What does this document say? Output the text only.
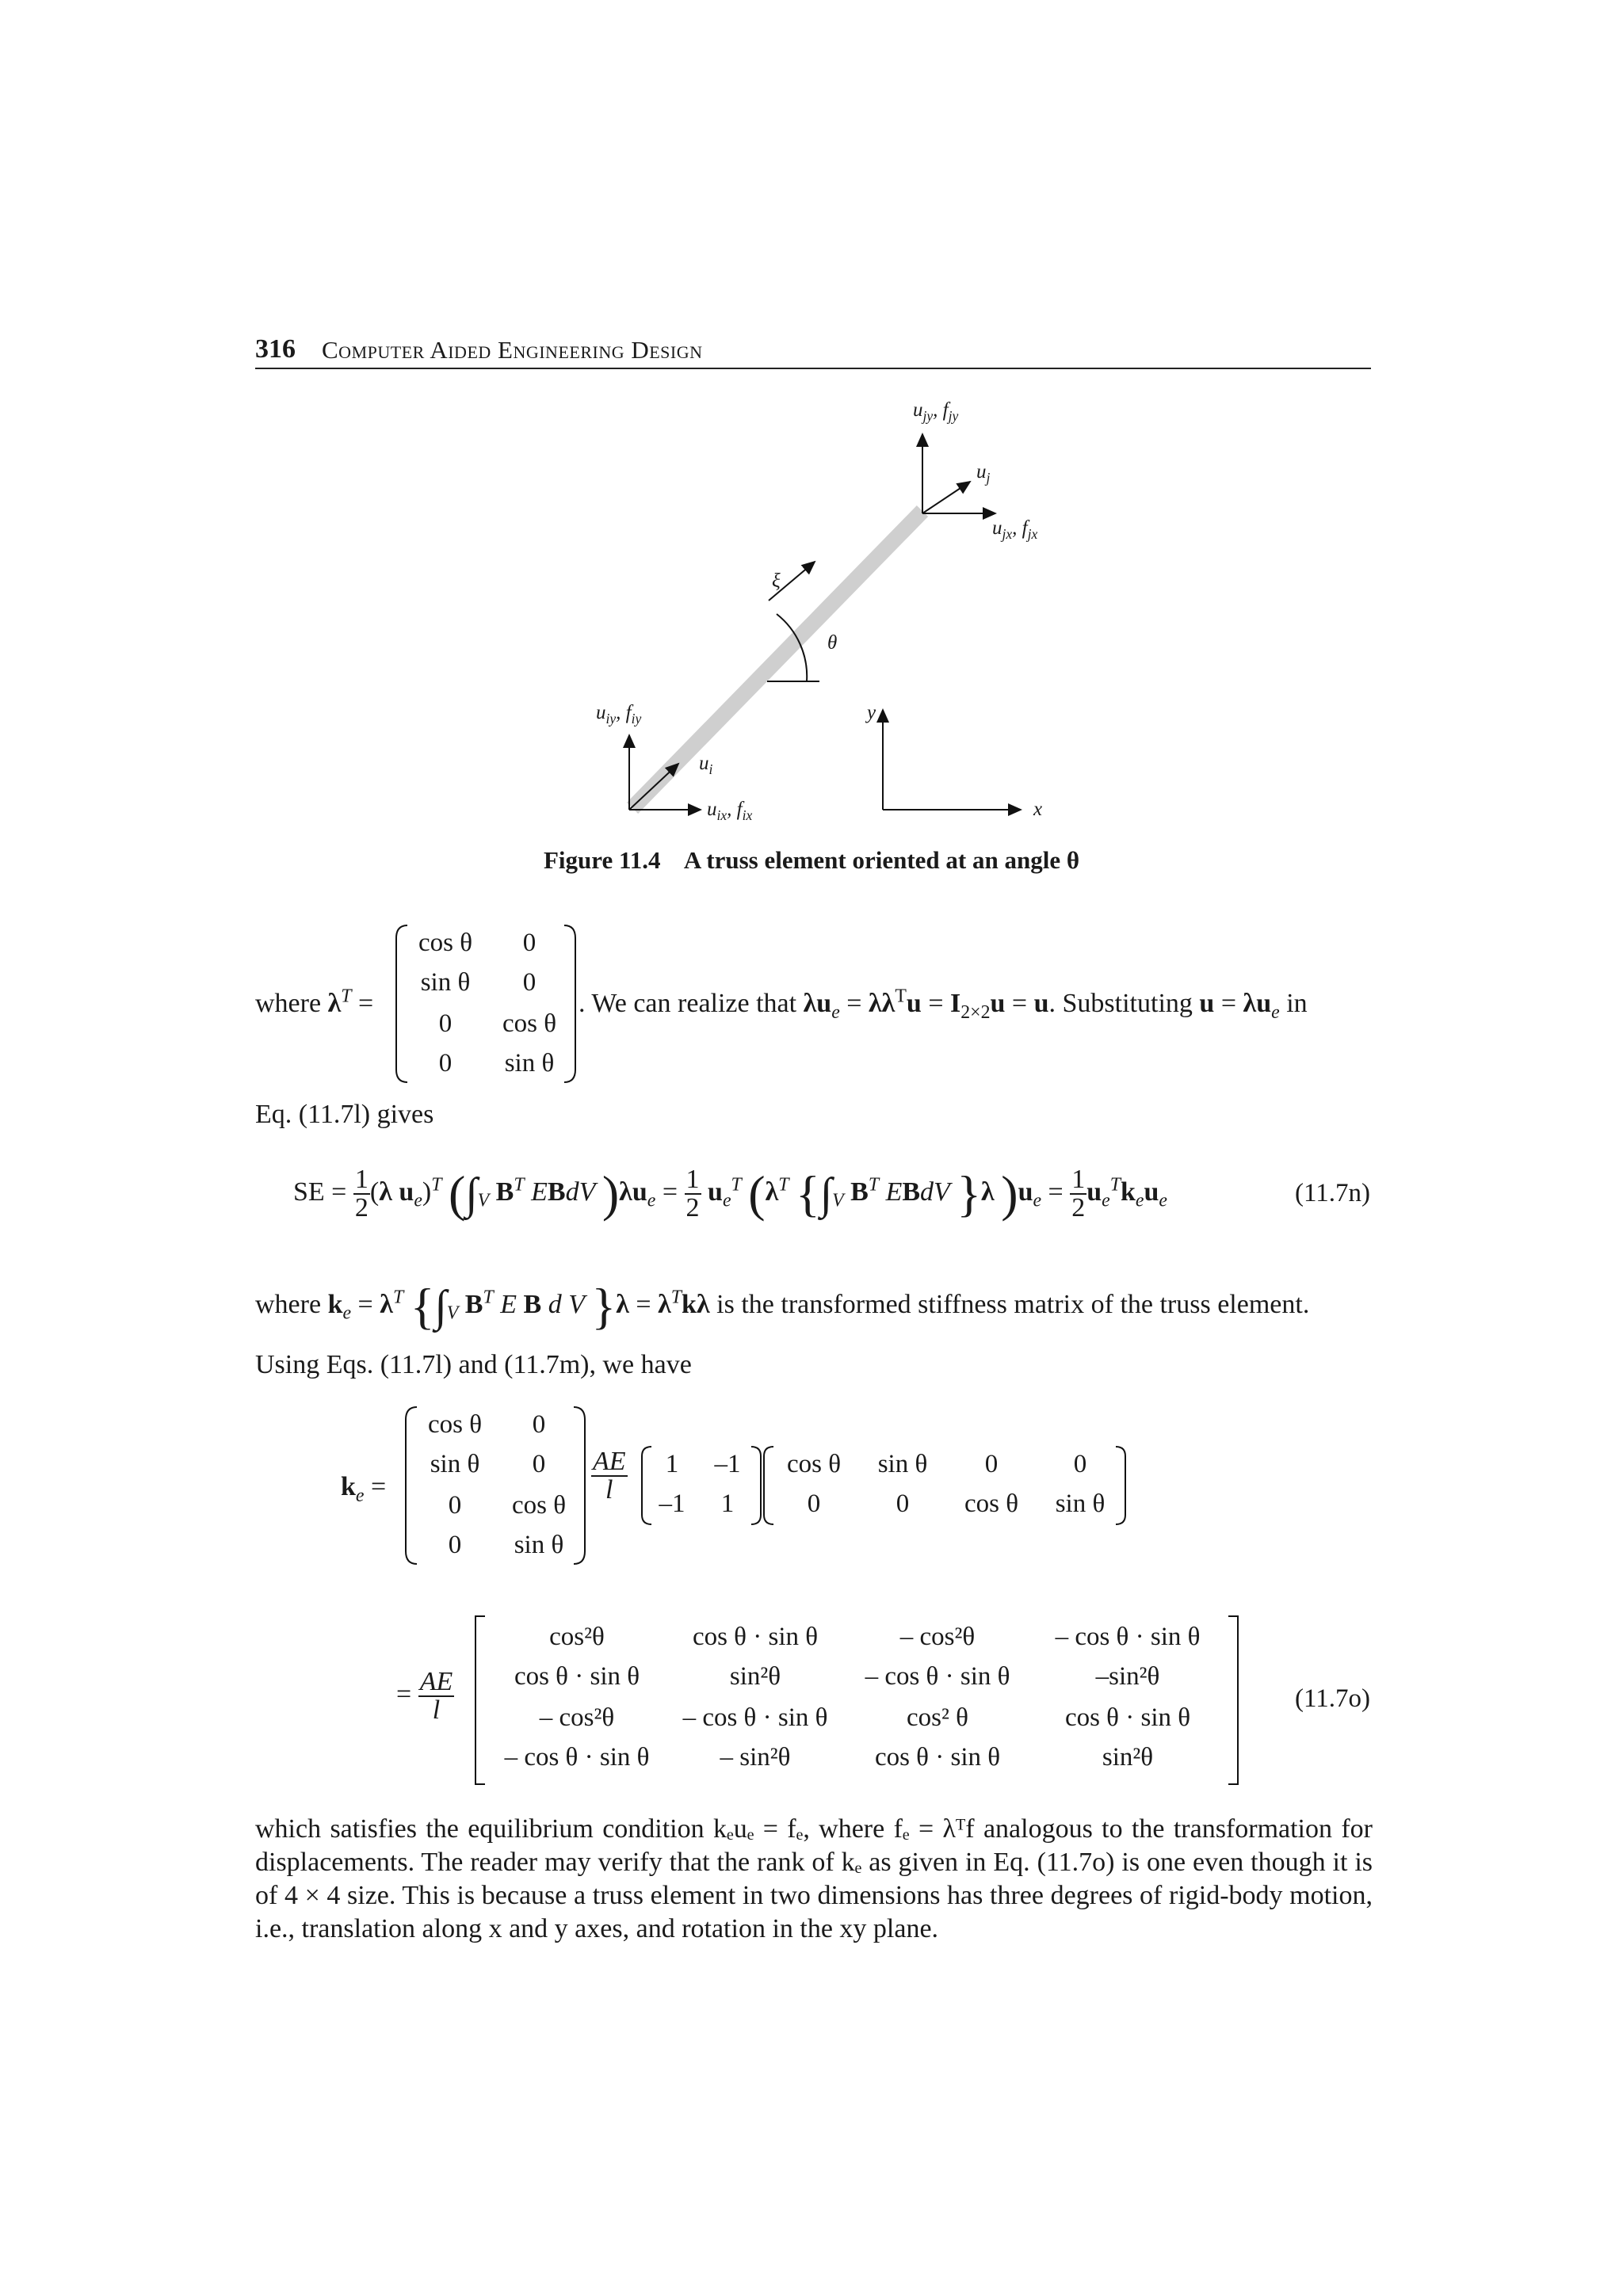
316 Computer Aided Engineering Design
$u_{jy}$, $f_{jy}$
$u_j$
$u_{jx}$, $f_{jx}$
ξ
θ
$u_{iy}$, $f_{iy}$	y
$u_i$
$u_{ix}$, $f_{ix}$	x
Figure 11.4 A truss element oriented at an angle θ
where $\lambda^T$ =
cos θ	0
sin θ	0
0	cos θ
0	sin θ
. We can realize that $\lambda u_e = \lambda\lambda^Tu = I_{2\times 2}u = u$. Substituting $u = \lambda u_e$ in
Eq. (11.7l) gives
SE = $\frac{1}{2} (\lambda$ $u_e)^T$ ($\int_V$ $B^T$ EBdV )$\lambda u_e = \frac{1}{2} u_e^T$ ($\lambda^T$ {$\int_V$ $B^T$ EBdV }λ )$u_e = \frac{1}{2} u_e^Tk_eu_e$	(11.7n)
where $k_e = \lambda^T$ {$\int_V$ $B^T$ E B d V }$\lambda = \lambda^Tk\lambda$ is the transformed stiffness matrix of the truss element.
Using Eqs. (11.7l) and (11.7m), we have
$k_e$ =
cos θ	0
sin θ	0
0	cos θ
0	sin θ
$\frac{AE}{l}$	1	–1
–1	1
cos θ	sin θ	0	0
0	0	cos θ	sin θ
= $\frac{AE}{l}$
cos²θ	cos θ · sin θ	– cos²θ	– cos θ · sin θ
cos θ · sin θ	sin²θ	– cos θ · sin θ	–sin²θ
– cos²θ	– cos θ · sin θ	cos² θ	cos θ · sin θ
– cos θ · sin θ	– sin²θ	cos θ · sin θ	sin²θ
(11.7o)
which satisfies the equilibrium condition kₑuₑ = fₑ, where fₑ = λᵀf analogous to the transformation for displacements. The reader may verify that the rank of kₑ as given in Eq. (11.7o) is one even though it is of 4 × 4 size. This is because a truss element in two dimensions has three degrees of rigid-body motion, i.e., translation along x and y axes, and rotation in the xy plane.
